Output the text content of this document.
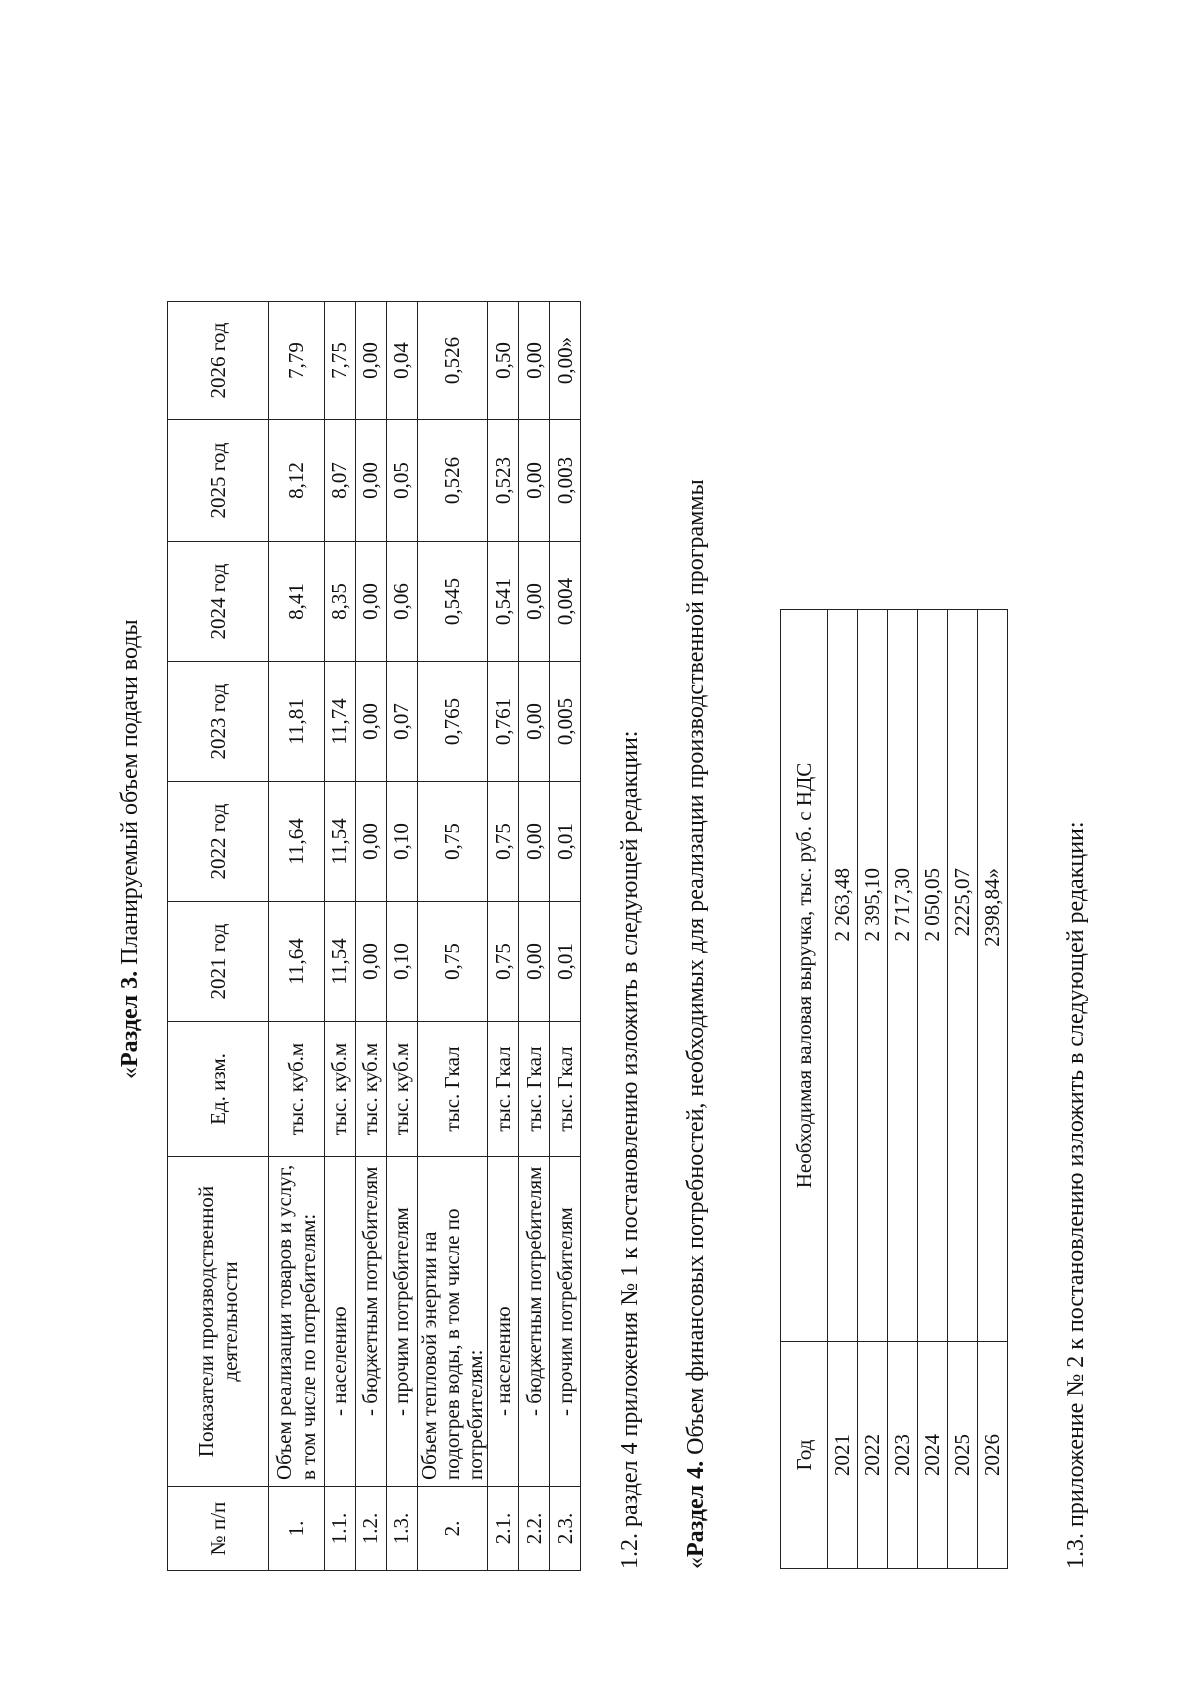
«Раздел 3. Планируемый объем подачи воды
№ п/п	Показатели производственной деятельности	Ед. изм.	2021 год	2022 год	2023 год	2024 год	2025 год	2026 год
1.	Объем реализации товаров и услуг, в том числе по потребителям:	тыс. куб.м	11,64	11,64	11,81	8,41	8,12	7,79
1.1.	- населению	тыс. куб.м	11,54	11,54	11,74	8,35	8,07	7,75
1.2.	- бюджетным потребителям	тыс. куб.м	0,00	0,00	0,00	0,00	0,00	0,00
1.3.	- прочим потребителям	тыс. куб.м	0,10	0,10	0,07	0,06	0,05	0,04
2.	Объем тепловой энергии на подогрев воды, в том числе по потребителям:	тыс. Гкал	0,75	0,75	0,765	0,545	0,526	0,526
2.1.	- населению	тыс. Гкал	0,75	0,75	0,761	0,541	0,523	0,50
2.2.	- бюджетным потребителям	тыс. Гкал	0,00	0,00	0,00	0,00	0,00	0,00
2.3.	- прочим потребителям	тыс. Гкал	0,01	0,01	0,005	0,004	0,003	0,00»
1.2. раздел 4 приложения № 1 к постановлению изложить в следующей редакции: «Раздел 4. Объем финансовых потребностей, необходимых для реализации производственной программы	Год	Необходимая валовая выручка, тыс. руб. с НДС
2021	2 263,48
2022	2 395,10
2023	2 717,30
2024	2 050,05
2025	2225,07
2026	2398,84» 1.3. приложение № 2 к постановлению изложить в следующей редакции:
